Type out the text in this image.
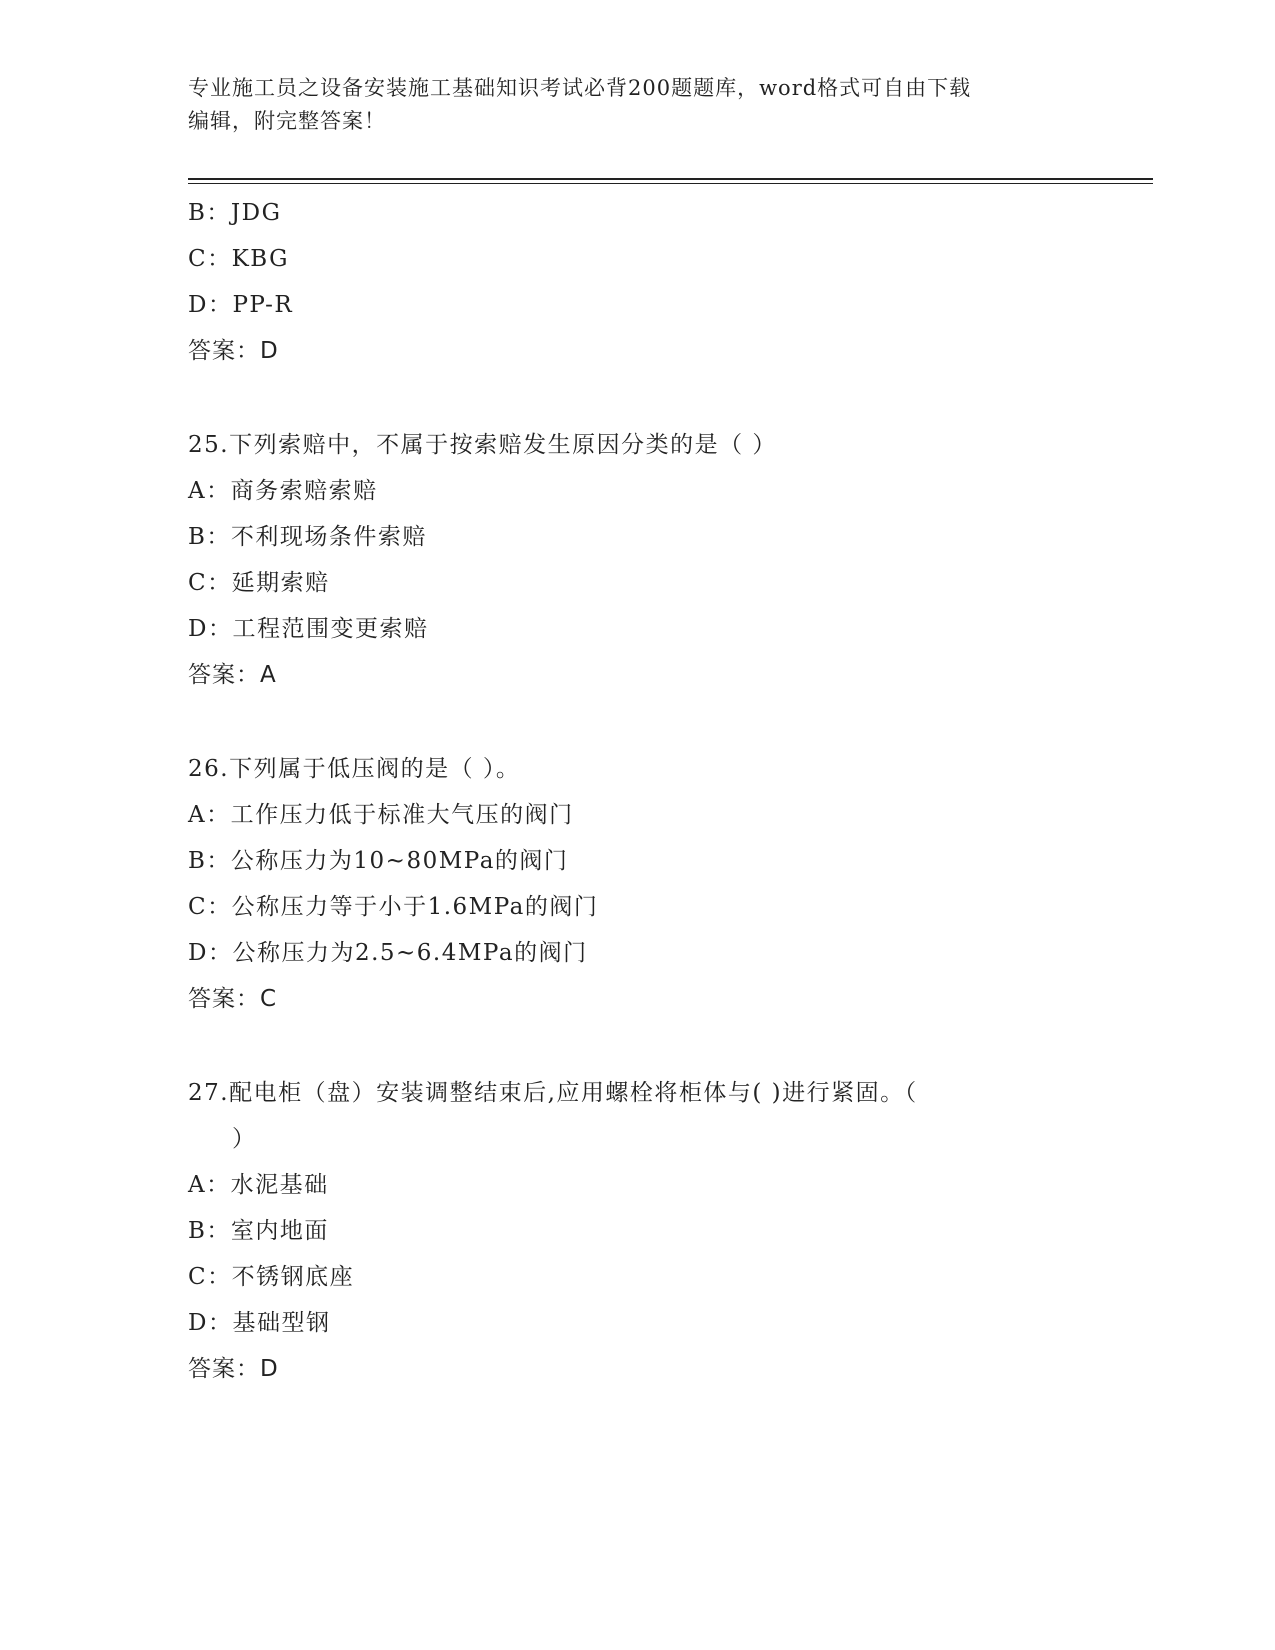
专业施工员之设备安装施工基础知识考试必背200题题库，word格式可自由下载
编辑，附完整答案！
B：JDG
C：KBG
D：PP-R
答案：D
25.下列索赔中，不属于按索赔发生原因分类的是（ ）
A：商务索赔索赔
B：不利现场条件索赔
C：延期索赔
D：工程范围变更索赔
答案：A
26.下列属于低压阀的是（ ）。
A：工作压力低于标准大气压的阀门
B：公称压力为10~80MPa的阀门
C：公称压力等于小于1.6MPa的阀门
D：公称压力为2.5~6.4MPa的阀门
答案：C
27.配电柜（盘）安装调整结束后,应用螺栓将柜体与( )进行紧固。（
）
A：水泥基础
B：室内地面
C：不锈钢底座
D：基础型钢
答案：D
